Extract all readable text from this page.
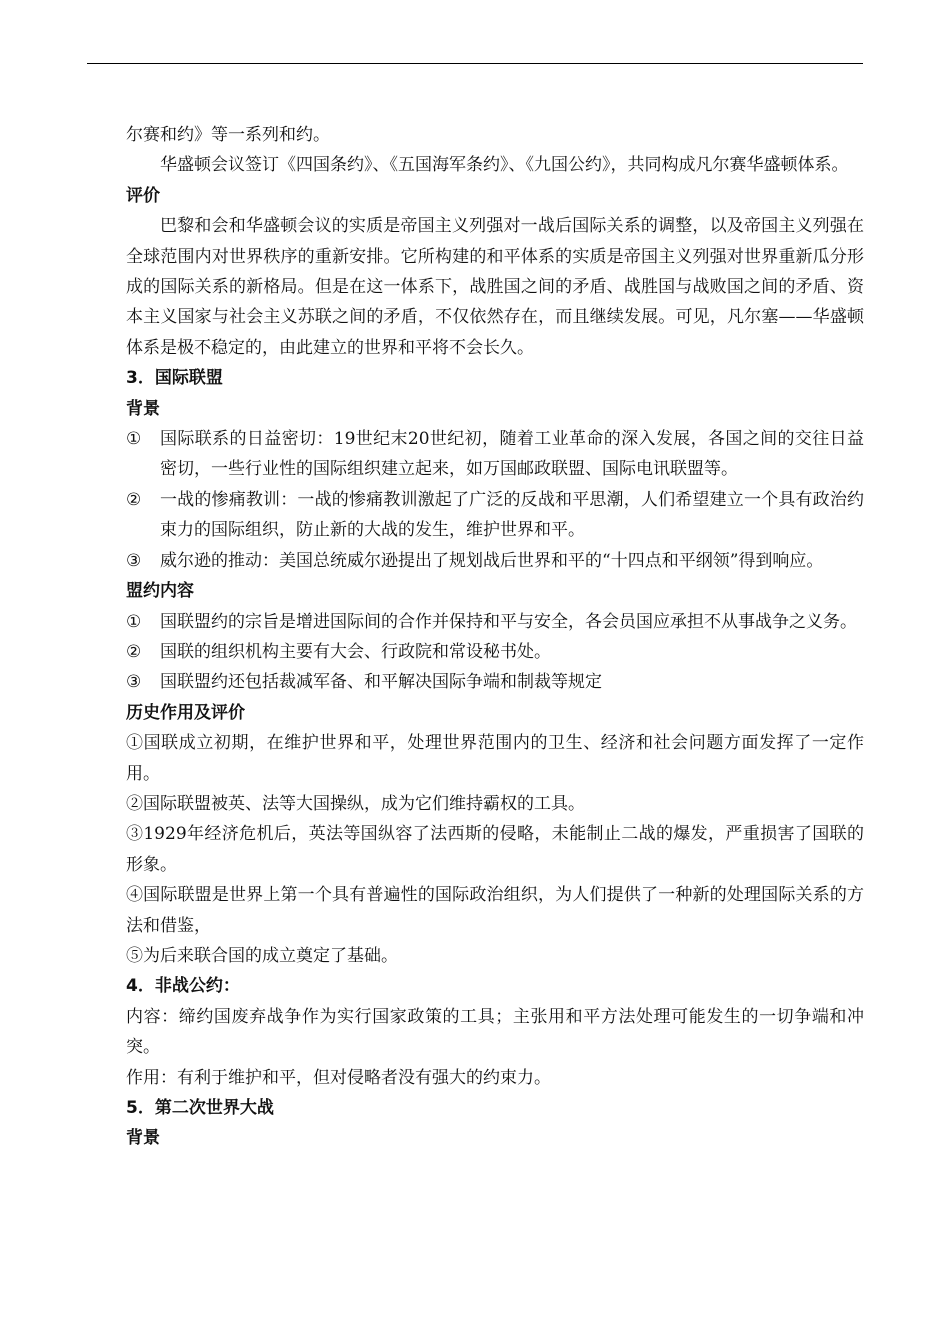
尔赛和约》等一系列和约。

华盛顿会议签订《四国条约》、《五国海军条约》、《九国公约》，共同构成凡尔赛华盛顿体系。

评价

巴黎和会和华盛顿会议的实质是帝国主义列强对一战后国际关系的调整，以及帝国主义列强在全球范围内对世界秩序的重新安排。它所构建的和平体系的实质是帝国主义列强对世界重新瓜分形成的国际关系的新格局。但是在这一体系下，战胜国之间的矛盾、战胜国与战败国之间的矛盾、资本主义国家与社会主义苏联之间的矛盾，不仅依然存在，而且继续发展。可见，凡尔塞——华盛顿体系是极不稳定的，由此建立的世界和平将不会长久。

3．国际联盟
背景
① 国际联系的日益密切：19世纪末20世纪初，随着工业革命的深入发展，各国之间的交往日益密切，一些行业性的国际组织建立起来，如万国邮政联盟、国际电讯联盟等。
② 一战的惨痛教训：一战的惨痛教训激起了广泛的反战和平思潮，人们希望建立一个具有政治约束力的国际组织，防止新的大战的发生，维护世界和平。
③ 威尔逊的推动：美国总统威尔逊提出了规划战后世界和平的“十四点和平纲领”得到响应。
盟约内容
① 国联盟约的宗旨是增进国际间的合作并保持和平与安全，各会员国应承担不从事战争之义务。
② 国联的组织机构主要有大会、行政院和常设秘书处。
③ 国联盟约还包括裁减军备、和平解决国际争端和制裁等规定
历史作用及评价

①国联成立初期，在维护世界和平，处理世界范围内的卫生、经济和社会问题方面发挥了一定作用。

②国际联盟被英、法等大国操纵，成为它们维持霸权的工具。

③1929年经济危机后，英法等国纵容了法西斯的侵略，未能制止二战的爆发，严重损害了国联的形象。

④国际联盟是世界上第一个具有普遍性的国际政治组织，为人们提供了一种新的处理国际关系的方法和借鉴，

⑤为后来联合国的成立奠定了基础。

4．非战公约：

内容：缔约国废弃战争作为实行国家政策的工具；主张用和平方法处理可能发生的一切争端和冲突。

作用：有利于维护和平，但对侵略者没有强大的约束力。

5．第二次世界大战
背景
